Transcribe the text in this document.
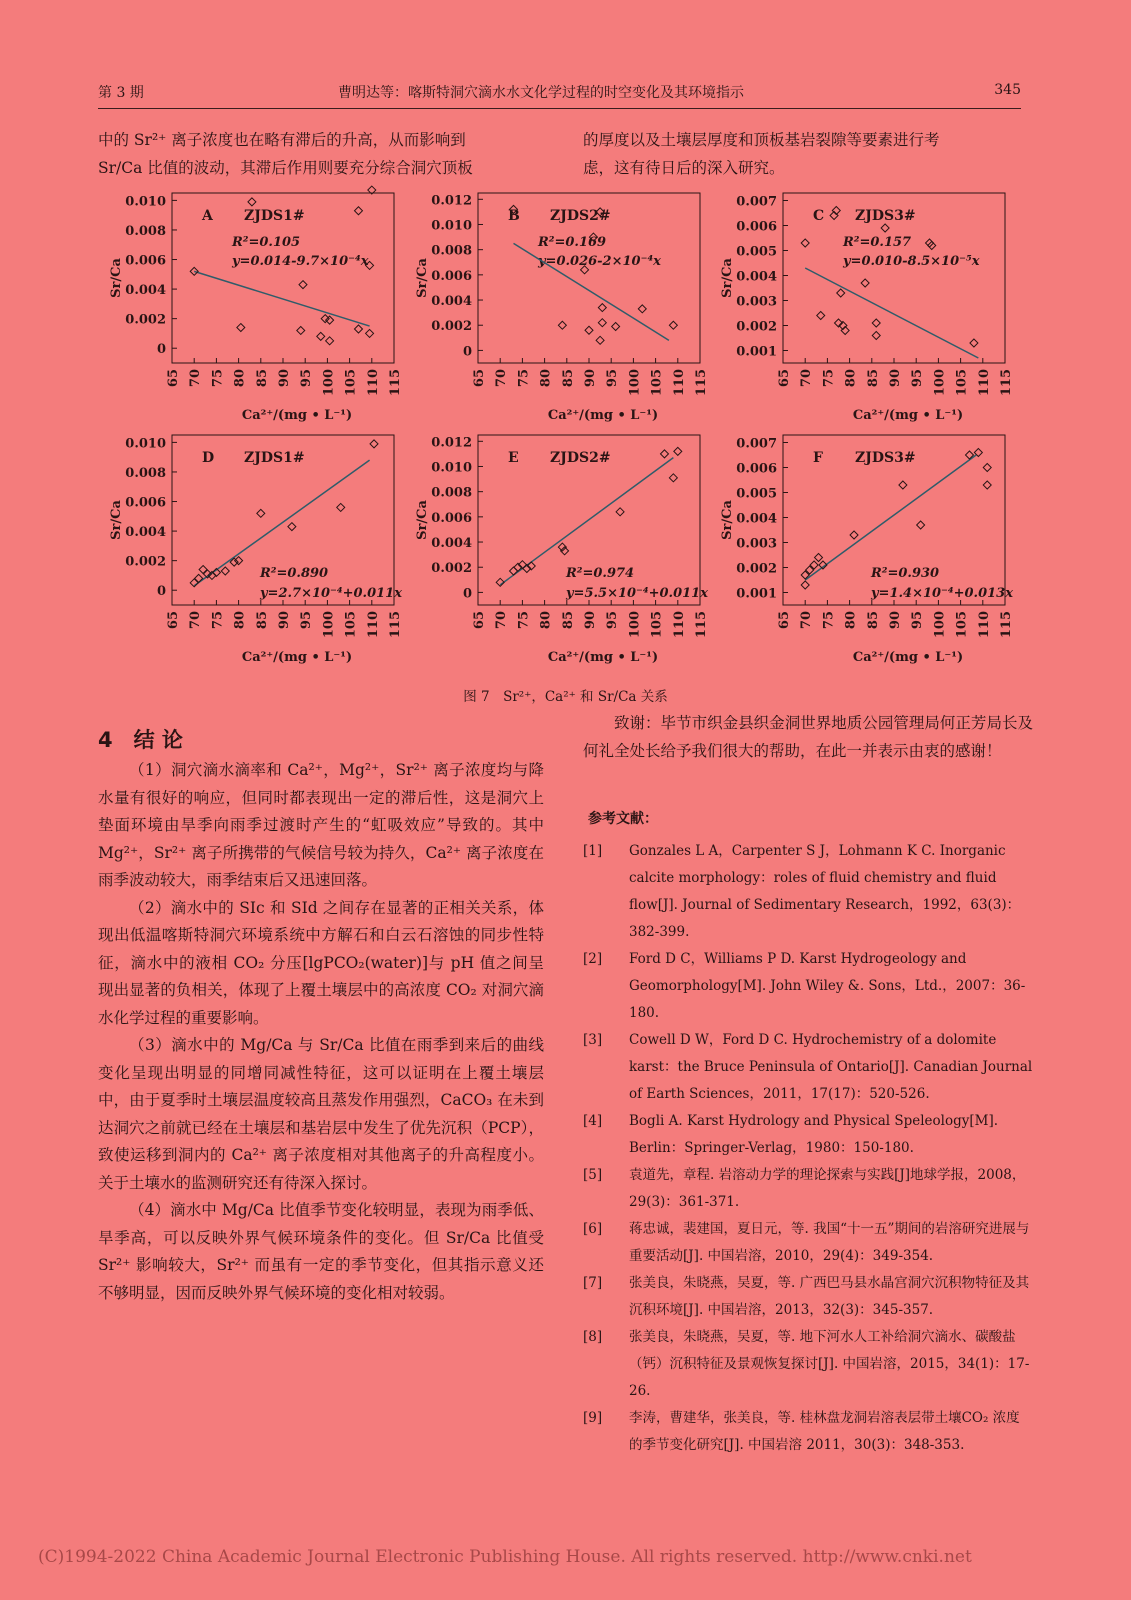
第 3 期	曹明达等：喀斯特洞穴滴水水文化学过程的时空变化及其环境指示	345

中的 Sr²⁺ 离子浓度也在略有滞后的升高，从而影响到

Sr/Ca 比值的波动，其滞后作用则要充分综合洞穴顶板

的厚度以及土壤层厚度和顶板基岩裂隙等要素进行考

虑，这有待日后的深入研究。

0
0.002
0.004
0.006
0.008
0.010
65 70 75 80 85 90 95 100 105 110 115
Ca²⁺/(mg • L⁻¹)
Sr/Ca
A ZJDS1#
R²=0.105
y=0.014-9.7×10⁻⁴x
0
0.002
0.004
0.006
0.008
0.010
0.012
65 70 75 80 85 90 95 100 105 110 115
Ca²⁺/(mg • L⁻¹)
Sr/Ca
B ZJDS2#
R²=0.169
y=0.026-2×10⁻⁴x
0.001
0.002
0.003
0.004
0.005
0.006
0.007
65 70 75 80 85 90 95 100 105 110 115
Ca²⁺/(mg • L⁻¹)
Sr/Ca
C ZJDS3#
R²=0.157
y=0.010-8.5×10⁻⁵x
0
0.002
0.004
0.006
0.008
0.010
65 70 75 80 85 90 95 100 105 110 115
Ca²⁺/(mg • L⁻¹)
Sr/Ca
D ZJDS1#
R²=0.890
y=2.7×10⁻⁴+0.011x	0
0.002
0.004
0.006
0.008
0.010
0.012
65 70 75 80 85 90 95 100 105 110 115
Ca²⁺/(mg • L⁻¹)
Sr/Ca
E ZJDS2#
R²=0.974
y=5.5×10⁻⁴+0.011x 0.001
0.002
0.003
0.004
0.005
0.006
0.007
65 70 75 80 85 90 95 100 105 110 115
Ca²⁺/(mg • L⁻¹)
Sr/Ca
F ZJDS3#
R²=0.930
y=1.4×10⁻⁴+0.013x
图 7　Sr²⁺，Ca²⁺ 和 Sr/Ca 关系
4　结 论

（1）洞穴滴水滴率和 Ca²⁺，Mg²⁺，Sr²⁺ 离子浓度均与降水量有很好的响应，但同时都表现出一定的滞后性，这是洞穴上垫面环境由旱季向雨季过渡时产生的“虹吸效应”导致的。其中 Mg²⁺，Sr²⁺ 离子所携带的气候信号较为持久，Ca²⁺ 离子浓度在雨季波动较大，雨季结束后又迅速回落。

（2）滴水中的 SIc 和 SId 之间存在显著的正相关关系，体现出低温喀斯特洞穴环境系统中方解石和白云石溶蚀的同步性特征，滴水中的液相 CO₂ 分压[lgPCO₂(water)]与 pH 值之间呈现出显著的负相关，体现了上覆土壤层中的高浓度 CO₂ 对洞穴滴水化学过程的重要影响。

（3）滴水中的 Mg/Ca 与 Sr/Ca 比值在雨季到来后的曲线变化呈现出明显的同增同减性特征，这可以证明在上覆土壤层中，由于夏季时土壤层温度较高且蒸发作用强烈，CaCO₃ 在未到达洞穴之前就已经在土壤层和基岩层中发生了优先沉积（PCP），致使运移到洞内的 Ca²⁺ 离子浓度相对其他离子的升高程度小。关于土壤水的监测研究还有待深入探讨。

（4）滴水中 Mg/Ca 比值季节变化较明显，表现为雨季低、旱季高，可以反映外界气候环境条件的变化。但 Sr/Ca 比值受 Sr²⁺ 影响较大，Sr²⁺ 而虽有一定的季节变化，但其指示意义还不够明显，因而反映外界气候环境的变化相对较弱。

致谢：毕节市织金县织金洞世界地质公园管理局何正芳局长及何礼全处长给予我们很大的帮助，在此一并表示由衷的感谢！

参考文献：
[1] Gonzales L A，Carpenter S J，Lohmann K C. Inorganic calcite morphology：roles of fluid chemistry and fluid flow[J]. Journal of Sedimentary Research，1992，63(3)：382-399.
[2] Ford D C，Williams P D. Karst Hydrogeology and Geomorphology[M]. John Wiley &. Sons，Ltd.，2007：36-180.
[3] Cowell D W，Ford D C. Hydrochemistry of a dolomite karst：the Bruce Peninsula of Ontario[J]. Canadian Journal of Earth Sciences，2011，17(17)：520-526.
[4] Bogli A. Karst Hydrology and Physical Speleology[M]. Berlin：Springer-Verlag，1980：150-180.
[5] 袁道先，章程. 岩溶动力学的理论探索与实践[J]地球学报，2008，29(3)：361-371.
[6] 蒋忠诚，裴建国，夏日元，等. 我国“十一五”期间的岩溶研究进展与重要活动[J]. 中国岩溶，2010，29(4)：349-354.
[7] 张美良，朱晓燕，吴夏，等. 广西巴马县水晶宫洞穴沉积物特征及其沉积环境[J]. 中国岩溶，2013，32(3)：345-357.
[8] 张美良，朱晓燕，吴夏，等. 地下河水人工补给洞穴滴水、碳酸盐（钙）沉积特征及景观恢复探讨[J]. 中国岩溶，2015，34(1)：17-26.
[9] 李涛，曹建华，张美良，等. 桂林盘龙洞岩溶表层带土壤CO₂ 浓度的季节变化研究[J]. 中国岩溶 2011，30(3)：348-353.
(C)1994-2022 China Academic Journal Electronic Publishing House. All rights reserved. http://www.cnki.net
